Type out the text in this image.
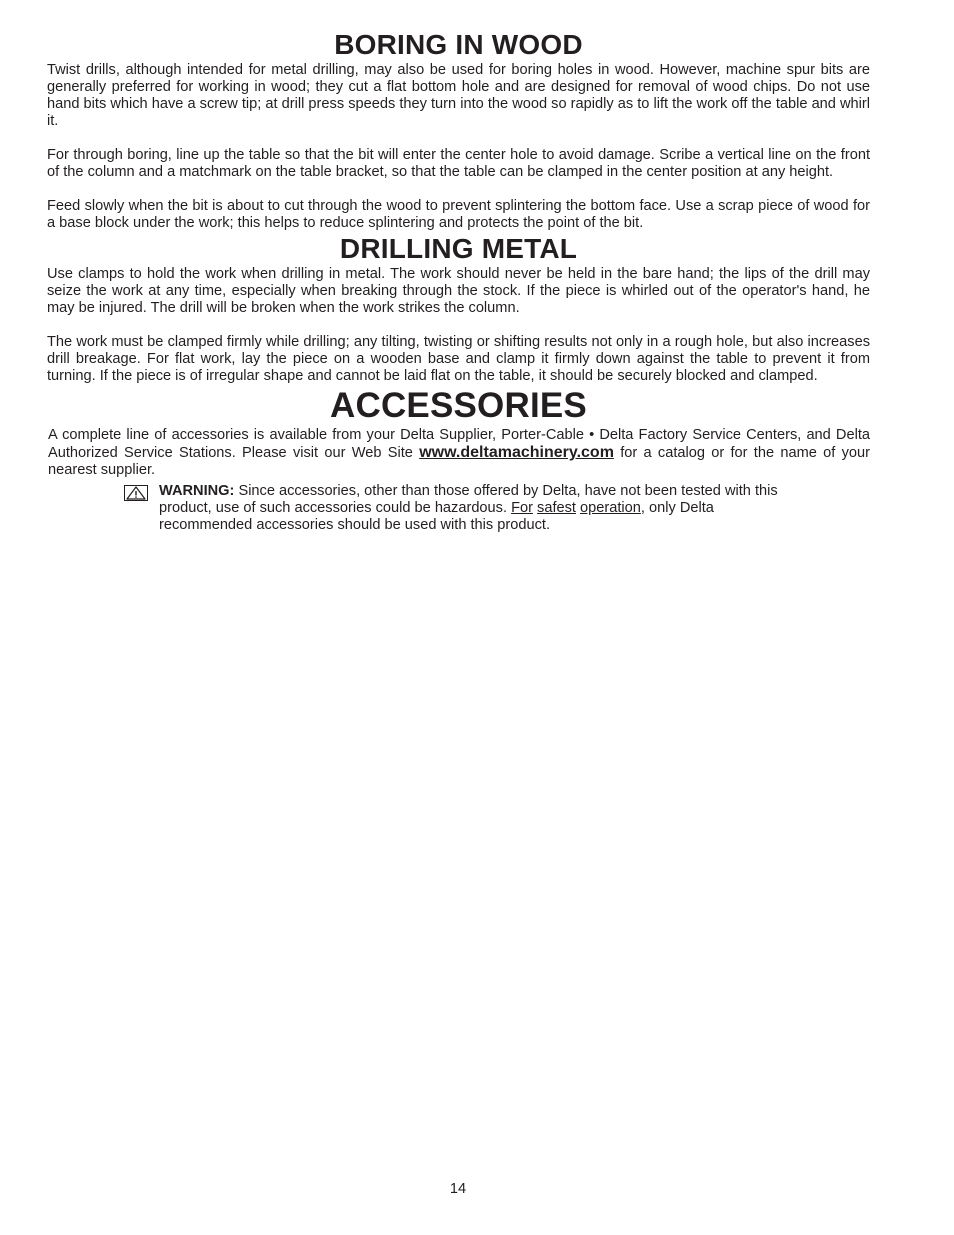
BORING IN WOOD

Twist drills, although intended for metal drilling, may also be used for boring holes in wood. However, machine spur bits are generally preferred for working in wood; they cut a flat bottom hole and are designed for removal of wood chips. Do not use hand bits which have a screw tip; at drill press speeds they turn into the wood so rapidly as to lift the work off the table and whirl it.

For through boring, line up the table so that the bit will enter the center hole to avoid damage. Scribe a vertical line on the front of the column and a matchmark on the table bracket, so that the table can be clamped in the center position at any height.

Feed slowly when the bit is about to cut through the wood to prevent splintering the bottom face. Use a scrap piece of wood for a base block under the work; this helps to reduce splintering and protects the point of the bit.

DRILLING METAL

Use clamps to hold the work when drilling in metal. The work should never be held in the bare hand; the lips of the drill may seize the work at any time, especially when breaking through the stock. If the piece is whirled out of the operator's hand, he may be injured. The drill will be broken when the work strikes the column.

The work must be clamped firmly while drilling; any tilting, twisting or shifting results not only in a rough hole, but also increases drill breakage. For flat work, lay the piece on a wooden base and clamp it firmly down against the table to prevent it from turning. If the piece is of irregular shape and cannot be laid flat on the table, it should be securely blocked and clamped.

ACCESSORIES

A complete line of accessories is available from your Delta Supplier, Porter-Cable • Delta Factory Service Centers, and Delta Authorized Service Stations. Please visit our Web Site www.deltamachinery.com for a catalog or for the name of your nearest supplier.

WARNING: Since accessories, other than those offered by Delta, have not been tested with this product, use of such accessories could be hazardous. For safest operation, only Delta recommended accessories should be used with this product.
14
